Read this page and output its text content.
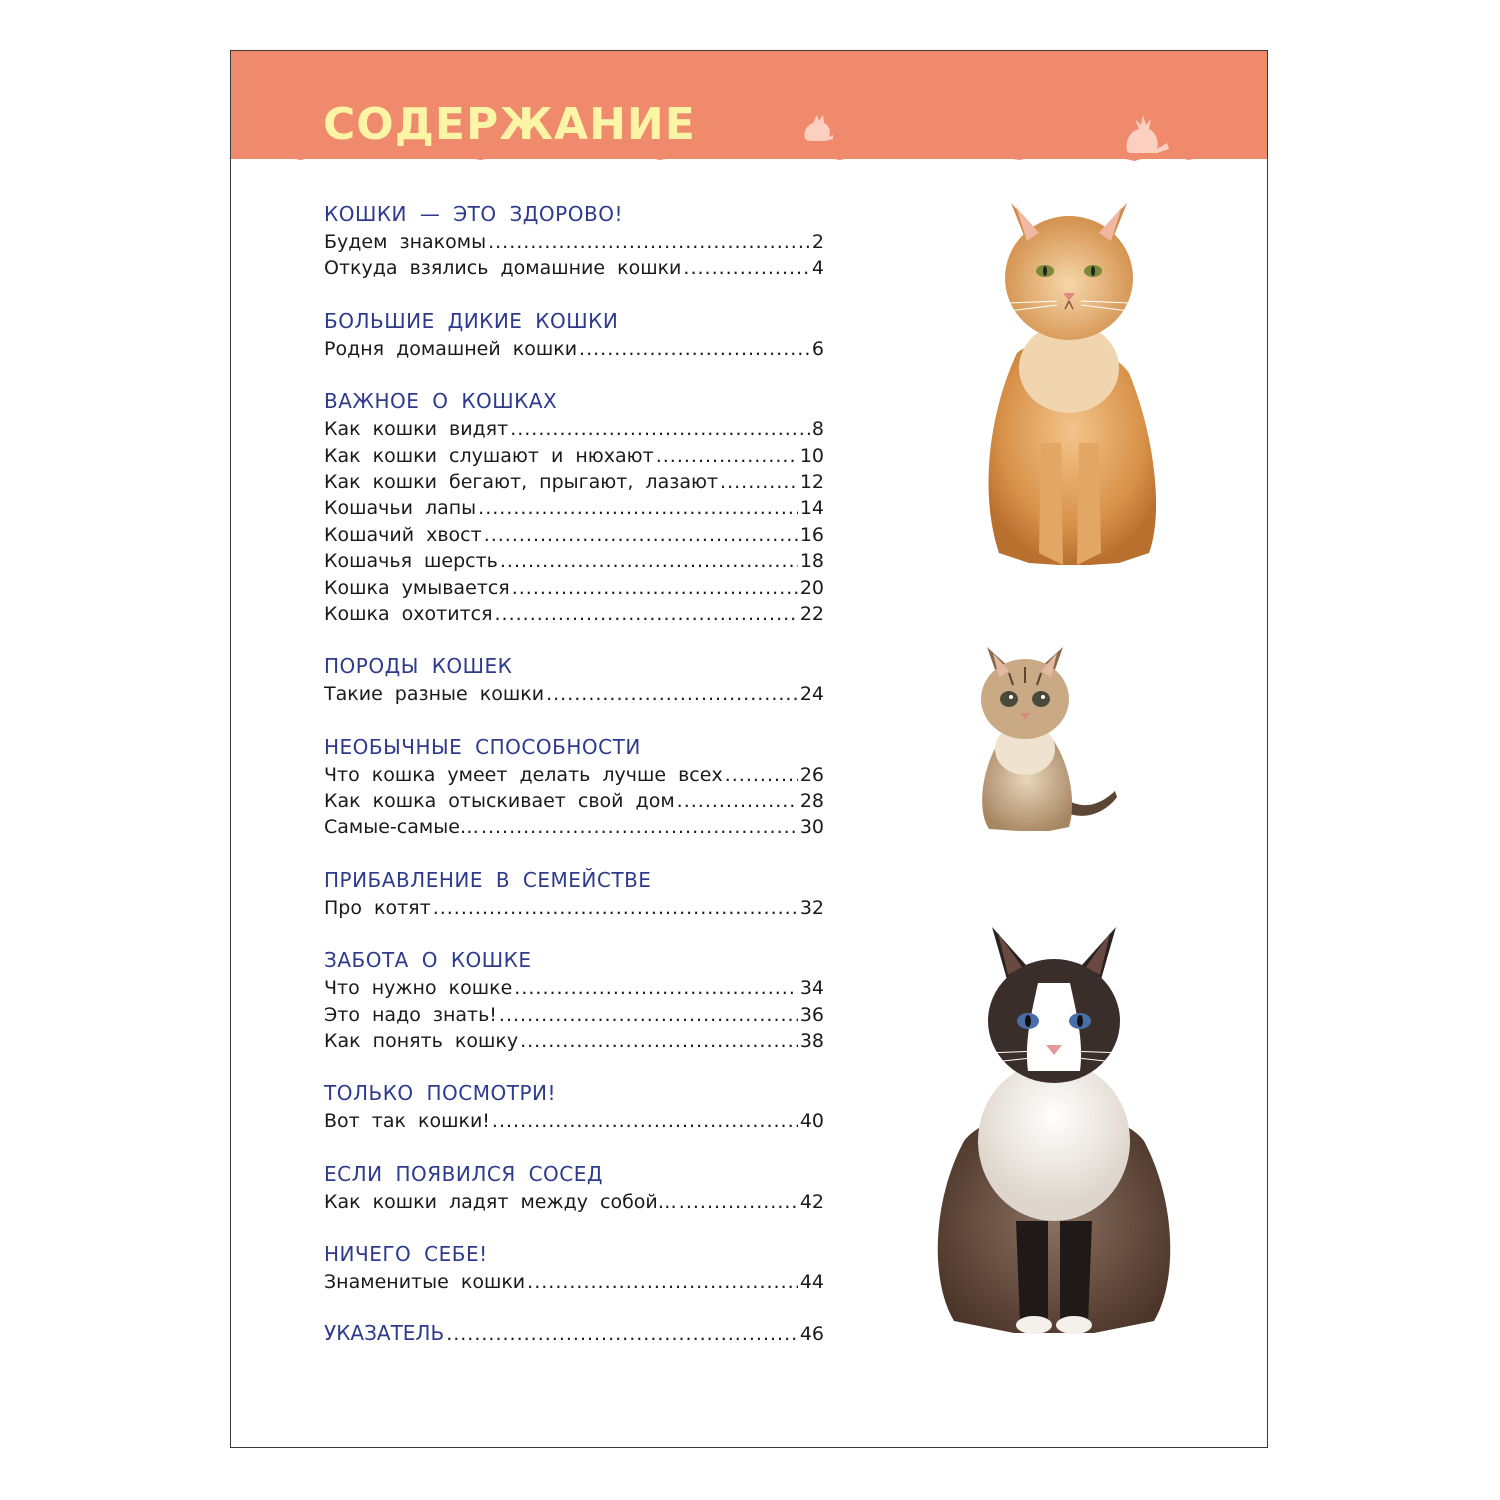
СОДЕРЖАНИЕ
КОШКИ — ЭТО ЗДОРОВО!
Будем знакомы .....	2
Откуда взялись домашние кошки .....	4
БОЛЬШИЕ ДИКИЕ КОШКИ
Родня домашней кошки .....	6
ВАЖНОЕ О КОШКАХ
Как кошки видят .....	8
Как кошки слушают и нюхают .....	10
Как кошки бегают, прыгают, лазают .....	12
Кошачьи лапы .....	14
Кошачий хвост .....	16
Кошачья шерсть .....	18
Кошка умывается .....	20
Кошка охотится .....	22
ПОРОДЫ КОШЕК
Такие разные кошки .....	24
НЕОБЫЧНЫЕ СПОСОБНОСТИ
Что кошка умеет делать лучше всех .....	26
Как кошка отыскивает свой дом .....	28
Самые-самые… .....	30
ПРИБАВЛЕНИЕ В СЕМЕЙСТВЕ
Про котят .....	32
ЗАБОТА О КОШКЕ
Что нужно кошке .....	34
Это надо знать! .....	36
Как понять кошку .....	38
ТОЛЬКО ПОСМОТРИ!
Вот так кошки! .....	40
ЕСЛИ ПОЯВИЛСЯ СОСЕД
Как кошки ладят между собой… .....	42
НИЧЕГО СЕБЕ!
Знаменитые кошки .....	44
УКАЗАТЕЛЬ .....	46
